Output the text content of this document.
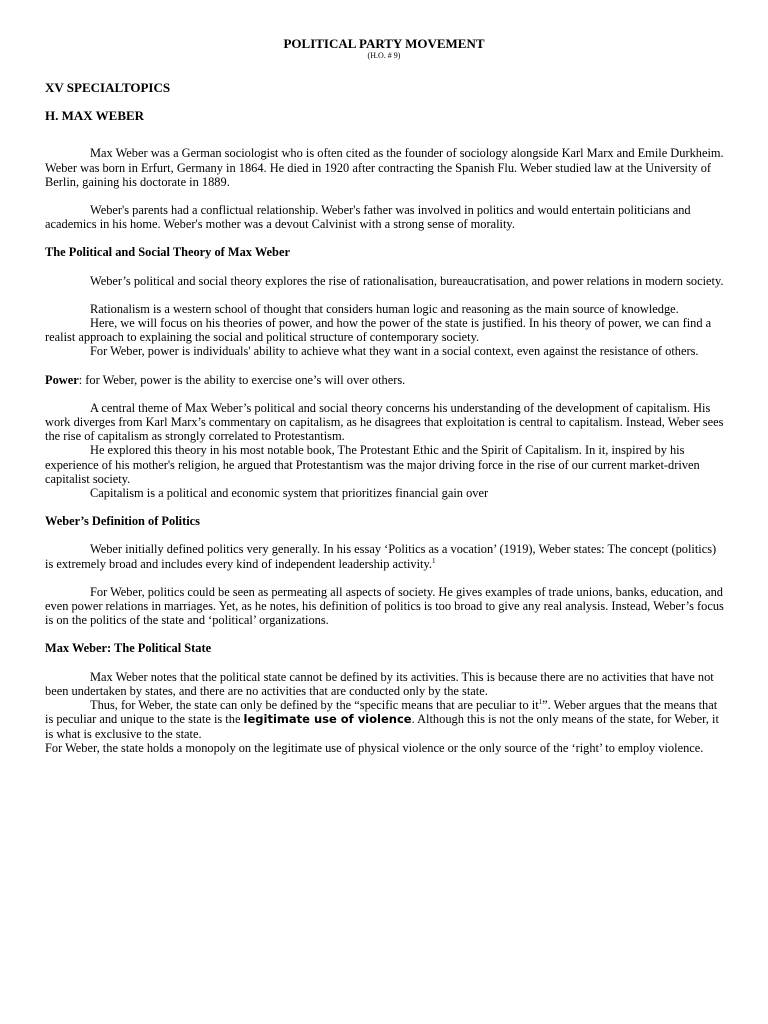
POLITICAL PARTY MOVEMENT
(H.O. # 9)
XV SPECIALTOPICS
H. MAX WEBER

Max Weber was a German sociologist who is often cited as the founder of sociology alongside Karl Marx and Emile Durkheim. Weber was born in Erfurt, Germany in 1864. He died in 1920 after contracting the Spanish Flu. Weber studied law at the University of Berlin, gaining his doctorate in 1889.

Weber's parents had a conflictual relationship. Weber's father was involved in politics and would entertain politicians and academics in his home. Weber's mother was a devout Calvinist with a strong sense of morality.

The Political and Social Theory of Max Weber

Weber’s political and social theory explores the rise of rationalisation, bureaucratisation, and power relations in modern society.

Rationalism is a western school of thought that considers human logic and reasoning as the main source of knowledge.

Here, we will focus on his theories of power, and how the power of the state is justified. In his theory of power, we can find a realist approach to explaining the social and political structure of contemporary society.

For Weber, power is individuals' ability to achieve what they want in a social context, even against the resistance of others.

Power: for Weber, power is the ability to exercise one’s will over others.

A central theme of Max Weber’s political and social theory concerns his understanding of the development of capitalism. His work diverges from Karl Marx’s commentary on capitalism, as he disagrees that exploitation is central to capitalism. Instead, Weber sees the rise of capitalism as strongly correlated to Protestantism.

He explored this theory in his most notable book, The Protestant Ethic and the Spirit of Capitalism. In it, inspired by his experience of his mother's religion, he argued that Protestantism was the major driving force in the rise of our current market-driven capitalist society.

Capitalism is a political and economic system that prioritizes financial gain over

Weber’s Definition of Politics

Weber initially defined politics very generally. In his essay ‘Politics as a vocation’ (1919), Weber states: The concept (politics) is extremely broad and includes every kind of independent leadership activity.$^1$

For Weber, politics could be seen as permeating all aspects of society. He gives examples of trade unions, banks, education, and even power relations in marriages. Yet, as he notes, his definition of politics is too broad to give any real analysis. Instead, Weber’s focus is on the politics of the state and ‘political’ organizations.

Max Weber: The Political State

Max Weber notes that the political state cannot be defined by its activities. This is because there are no activities that have not been undertaken by states, and there are no activities that are conducted only by the state.

Thus, for Weber, the state can only be defined by the “specific means that are peculiar to $it^1$”. Weber argues that the means that is peculiar and unique to the state is the legitimate use of violence. Although this is not the only means of the state, for Weber, it is what is exclusive to the state.

For Weber, the state holds a monopoly on the legitimate use of physical violence or the only source of the ‘right’ to employ violence.
